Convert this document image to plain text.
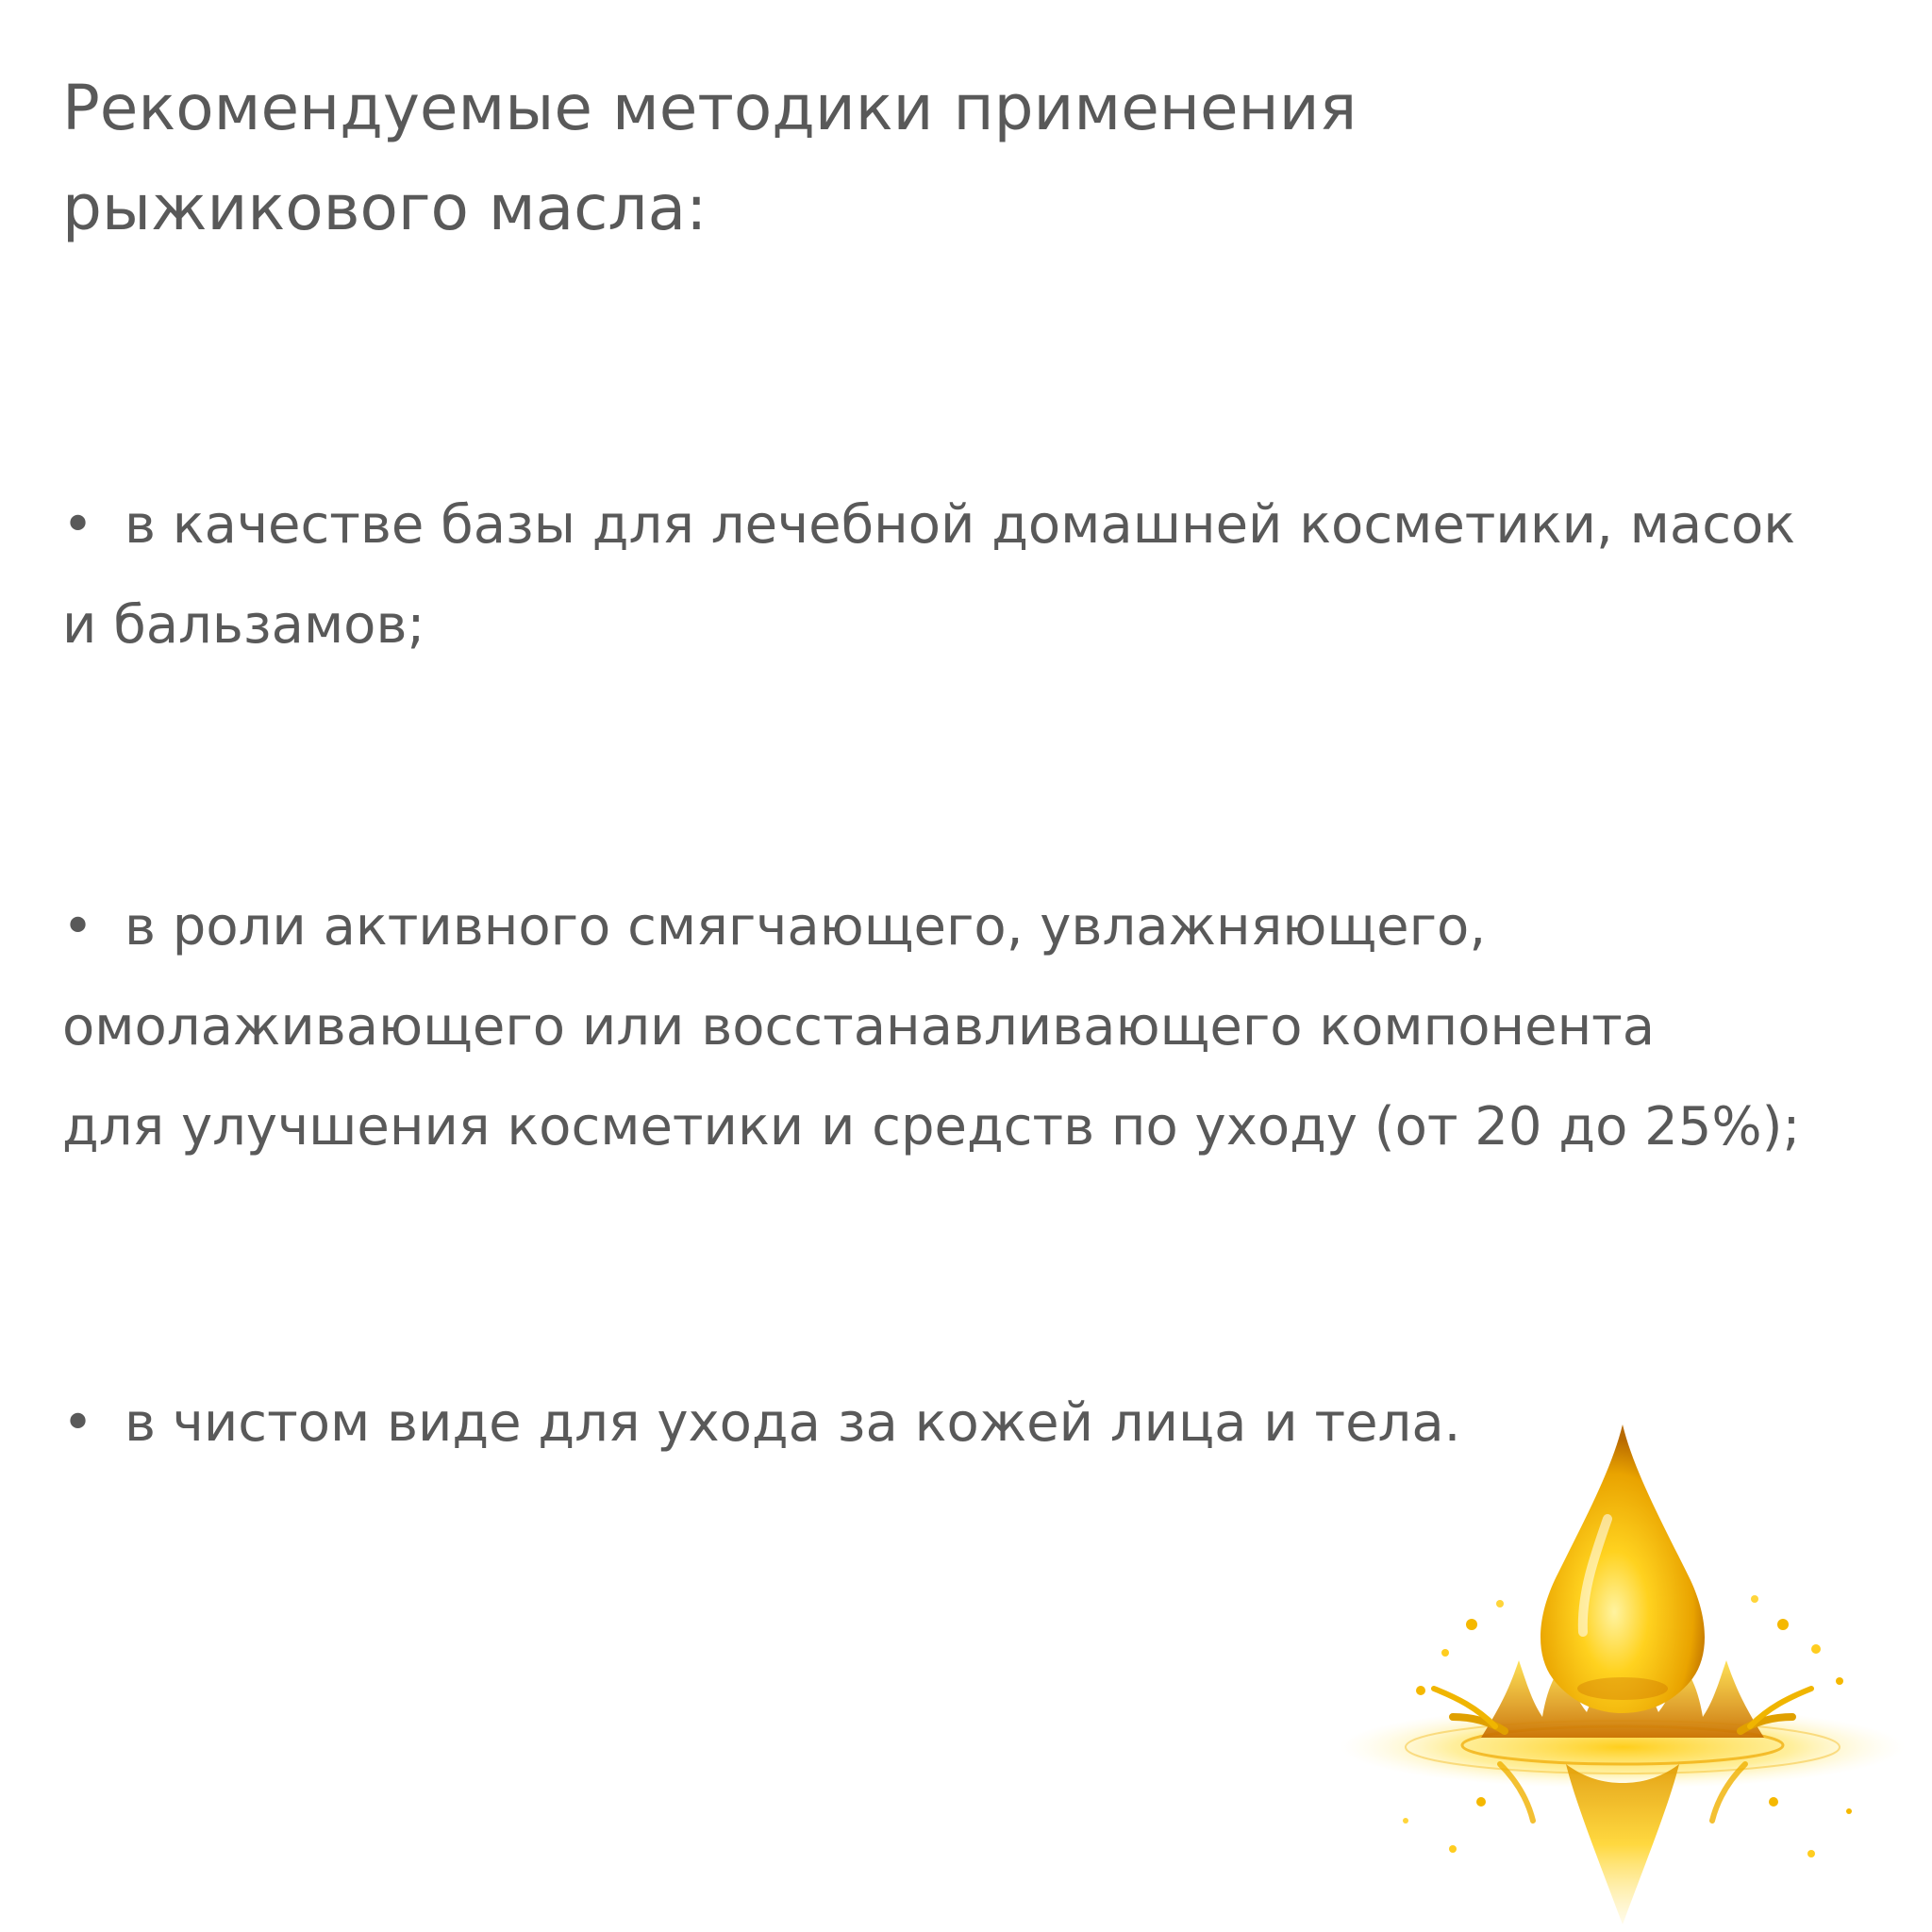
Рекомендуемые методики применения
рыжикового масла:
• в качестве базы для лечебной домашней косметики, масок
и бальзамов;
• в роли активного смягчающего, увлажняющего,
омолаживающего или восстанавливающего компонента
для улучшения косметики и средств по уходу (от 20 до 25%);
• в чистом виде для ухода за кожей лица и тела.
